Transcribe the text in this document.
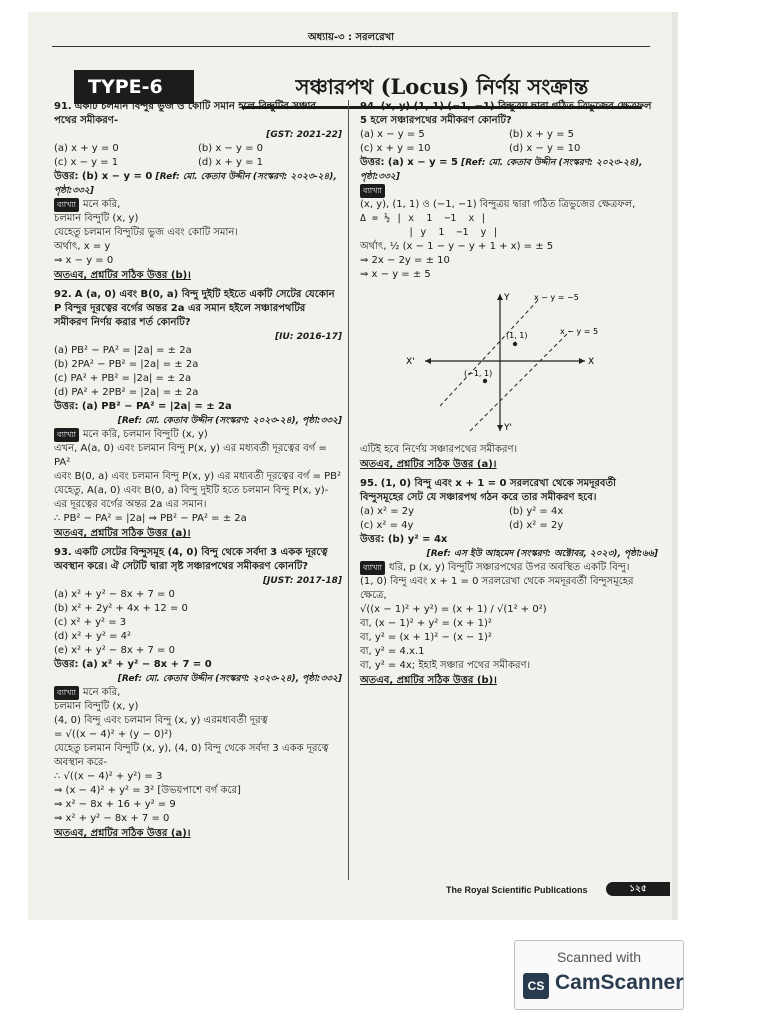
অধ্যায়-৩ : সরলরেখা
TYPE-6	সঞ্চারপথ (Locus) নির্ণয় সংক্রান্ত
91. একটি চলমান বিন্দুর ভুজ ও কোটি সমান হলে বিন্দুটির সঞ্চার পথের সমীকরণ-
[GST: 2021-22]
(a) x + y = 0	(b) x − y = 0
(c) x − y = 1	(d) x + y = 1
উত্তর: (b) x − y = 0 [Ref: মো. কেতাব উদ্দীন (সংস্করণ: ২০২৩-২৪), পৃষ্ঠা:৩৩২]
ব্যাখ্যা মনে করি,
চলমান বিন্দুটি (x, y)
যেহেতু চলমান বিন্দুটির ভুজ এবং কোটি সমান।
অর্থাৎ, x = y
⇒ x − y = 0
অতএব, প্রশ্নটির সঠিক উত্তর (b)।
92. A (a, 0) এবং B(0, a) বিন্দু দুইটি হইতে একটি সেটের যেকোন P বিন্দুর দূরত্বের বর্গের অন্তর 2a এর সমান হইলে সঞ্চারপথটির সমীকরণ নির্ণয় করার শর্ত কোনটি?
[IU: 2016-17]
(a) PB² − PA² = |2a| = ± 2a
(b) 2PA² − PB² = |2a| = ± 2a
(c) PA² + PB² = |2a| = ± 2a
(d) PA² + 2PB² = |2a| = ± 2a
উত্তর: (a) PB² − PA² = |2a| = ± 2a
[Ref: মো. কেতাব উদ্দীন (সংস্করণ: ২০২৩-২৪), পৃষ্ঠা:৩৩২]
ব্যাখ্যা মনে করি, চলমান বিন্দুটি (x, y)
এখন, A(a, 0) এবং চলমান বিন্দু P(x, y) এর মধ্যবর্তী দূরত্বের বর্গ = PA²
এবং B(0, a) এবং চলমান বিন্দু P(x, y) এর মধ্যবর্তী দূরত্বের বর্গ = PB²
যেহেতু, A(a, 0) এবং B(0, a) বিন্দু দুইটি হতে চলমান বিন্দু P(x, y)- এর দূরত্বের বর্গের অন্তর 2a এর সমান।
∴ PB² − PA² = |2a| ⇒ PB² − PA² = ± 2a
অতএব, প্রশ্নটির সঠিক উত্তর (a)।
93. একটি সেটের বিন্দুসমূহ (4, 0) বিন্দু থেকে সর্বদা 3 একক দূরত্বে অবস্থান করে। ঐ সেটটি দ্বারা সৃষ্ট সঞ্চারপথের সমীকরণ কোনটি?
[JUST: 2017-18]
(a) x² + y² − 8x + 7 = 0
(b) x² + 2y² + 4x + 12 = 0
(c) x² + y² = 3
(d) x² + y² = 4²
(e) x² + y² − 8x + 7 = 0
উত্তর: (a) x² + y² − 8x + 7 = 0
[Ref: মো. কেতাব উদ্দীন (সংস্করণ: ২০২৩-২৪), পৃষ্ঠা:৩৩২]
ব্যাখ্যা মনে করি,
চলমান বিন্দুটি (x, y)
(4, 0) বিন্দু এবং চলমান বিন্দু (x, y) এরমধ্যবর্তী দূরত্ব
= √((x − 4)² + (y − 0)²)
যেহেতু চলমান বিন্দুটি (x, y), (4, 0) বিন্দু থেকে সর্বদা 3 একক দূরত্বে অবস্থান করে-
∴ √((x − 4)² + y²) = 3
⇒ (x − 4)² + y² = 3² [উভয়পাশে বর্গ করে]
⇒ x² − 8x + 16 + y² = 9
⇒ x² + y² − 8x + 7 = 0
অতএব, প্রশ্নটির সঠিক উত্তর (a)।
94. (x, y) (1, 1) (−1, −1) বিন্দুত্রয় দ্বারা গঠিত ত্রিভুজের ক্ষেত্রফল 5 হলে সঞ্চারপথের সমীকরণ কোনটি?
(a) x − y = 5	(b) x + y = 5
(c) x + y = 10	(d) x − y = 10
উত্তর: (a) x − y = 5 [Ref: মো. কেতাব উদ্দীন (সংস্করণ: ২০২৩-২৪), পৃষ্ঠা:৩৩২]
ব্যাখ্যা
(x, y), (1, 1) ও (−1, −1) বিন্দুত্রয় দ্বারা গঠিত ত্রিভুজের ক্ষেত্রফল,
Δ = ½ | x  1  −1  x |
| y  1  −1  y |
অর্থাৎ, ½ (x − 1 − y − y + 1 + x) = ± 5
⇒ 2x − 2y = ± 10
⇒ x − y = ± 5
Y
Y'
X
X'
(1, 1)
(−1, 1)
x − y = −5
x − y = 5
এটিই হবে নির্ণেয় সঞ্চারপথের সমীকরণ।
অতএব, প্রশ্নটির সঠিক উত্তর (a)।
95. (1, 0) বিন্দু এবং x + 1 = 0 সরলরেখা থেকে সমদূরবর্তী বিন্দুসমূহের সেট যে সঞ্চারপথ গঠন করে তার সমীকরণ হবে।
(a) x² = 2y	(b) y² = 4x
(c) x² = 4y	(d) x² = 2y
উত্তর: (b) y² = 4x
[Ref: এস ইউ আহমেদ (সংস্করণ: অক্টোবর, ২০২৩), পৃষ্ঠা:৬৬]
ব্যাখ্যা ধরি, p (x, y) বিন্দুটি সঞ্চারপথের উপর অবস্থিত একটি বিন্দু।
(1, 0) বিন্দু এবং x + 1 = 0 সরলরেখা থেকে সমদূরবর্তী বিন্দুসমূহের ক্ষেত্রে,
√((x − 1)² + y²) = (x + 1) / √(1² + 0²)
বা, (x − 1)² + y² = (x + 1)²
বা, y² = (x + 1)² − (x − 1)²
বা, y² = 4.x.1
বা, y² = 4x; ইহাই সঞ্চার পথের সমীকরণ।
অতএব, প্রশ্নটির সঠিক উত্তর (b)।
The Royal Scientific Publications	১২৫
Scanned with
CS CamScanner
